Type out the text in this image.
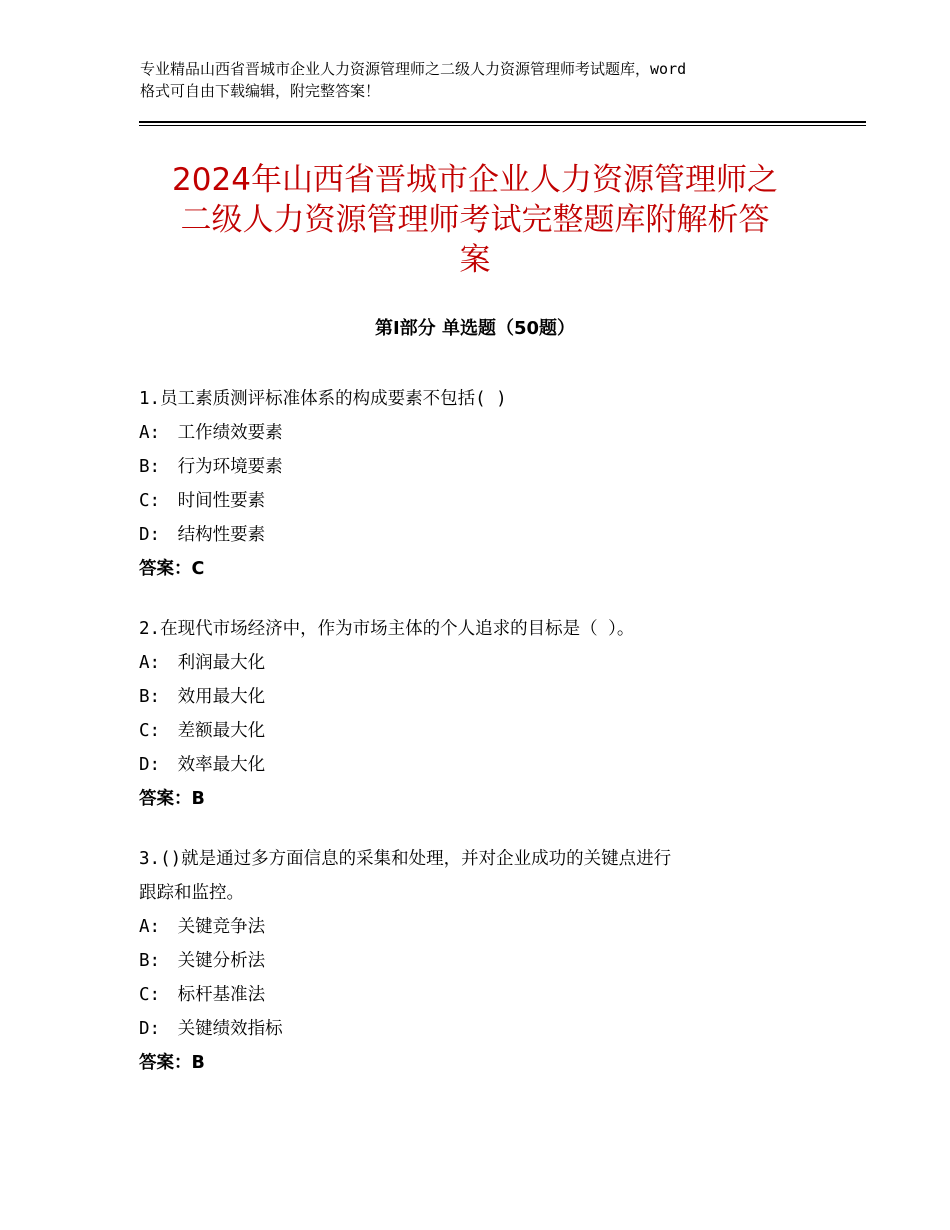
专业精品山西省晋城市企业人力资源管理师之二级人力资源管理师考试题库，word
格式可自由下载编辑，附完整答案！
2024年山西省晋城市企业人力资源管理师之
二级人力资源管理师考试完整题库附解析答
案
第Ⅰ部分 单选题（50题）

1.员工素质测评标准体系的构成要素不包括( )

A:　工作绩效要素

B:　行为环境要素

C:　时间性要素

D:　结构性要素

答案：C

2.在现代市场经济中，作为市场主体的个人追求的目标是（ ）。

A:　利润最大化

B:　效用最大化

C:　差额最大化

D:　效率最大化

答案：B

3.()就是通过多方面信息的采集和处理，并对企业成功的关键点进行

跟踪和监控。

A:　关键竞争法

B:　关键分析法

C:　标杆基准法

D:　关键绩效指标

答案：B
